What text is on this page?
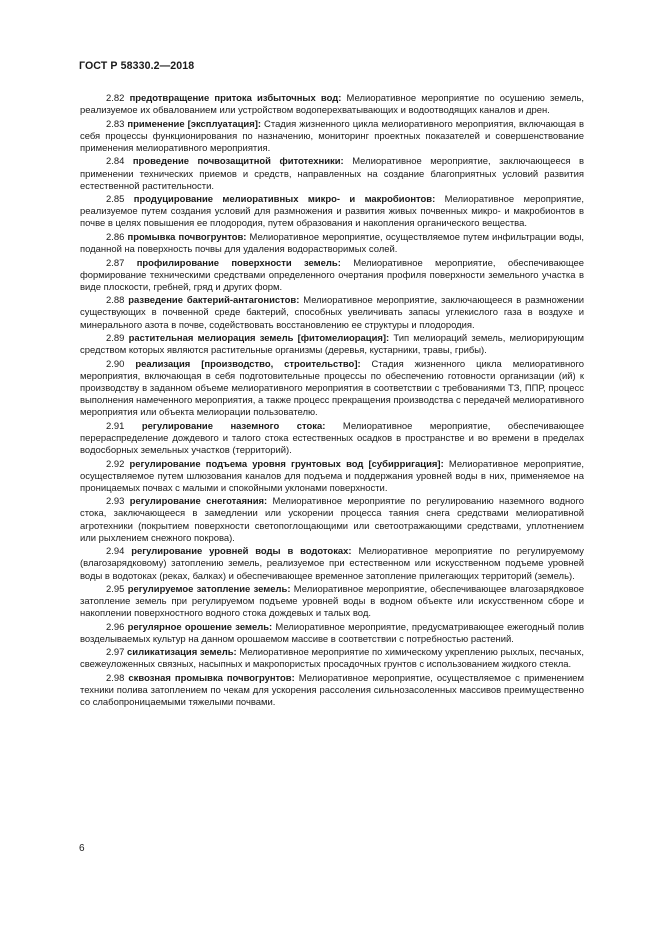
ГОСТ Р 58330.2—2018

2.82 предотвращение притока избыточных вод: Мелиоративное мероприятие по осушению земель, реализуемое их обвалованием или устройством водоперехватывающих и водоотводящих каналов и дрен.

2.83 применение [эксплуатация]: Стадия жизненного цикла мелиоративного мероприятия, включающая в себя процессы функционирования по назначению, мониторинг проектных показателей и совершенствование применения мелиоративного мероприятия.

2.84 проведение почвозащитной фитотехники: Мелиоративное мероприятие, заключающееся в применении технических приемов и средств, направленных на создание благоприятных условий развития естественной растительности.

2.85 продуцирование мелиоративных микро- и макробионтов: Мелиоративное мероприятие, реализуемое путем создания условий для размножения и развития живых почвенных микро- и макробионтов в почве в целях повышения ее плодородия, путем образования и накопления органического вещества.

2.86 промывка почвогрунтов: Мелиоративное мероприятие, осуществляемое путем инфильтрации воды, поданной на поверхность почвы для удаления водорастворимых солей.

2.87 профилирование поверхности земель: Мелиоративное мероприятие, обеспечивающее формирование техническими средствами определенного очертания профиля поверхности земельного участка в виде плоскости, гребней, гряд и других форм.

2.88 разведение бактерий-антагонистов: Мелиоративное мероприятие, заключающееся в размножении существующих в почвенной среде бактерий, способных увеличивать запасы углекислого газа в воздухе и минерального азота в почве, содействовать восстановлению ее структуры и плодородия.

2.89 растительная мелиорация земель [фитомелиорация]: Тип мелиораций земель, мелиорирующим средством которых являются растительные организмы (деревья, кустарники, травы, грибы).

2.90 реализация [производство, строительство]: Стадия жизненного цикла мелиоративного мероприятия, включающая в себя подготовительные процессы по обеспечению готовности организации (ий) к производству в заданном объеме мелиоративного мероприятия в соответствии с требованиями ТЗ, ППР, процесс выполнения намеченного мероприятия, а также процесс прекращения производства с передачей мелиоративного мероприятия или объекта мелиорации пользователю.

2.91 регулирование наземного стока: Мелиоративное мероприятие, обеспечивающее перераспределение дождевого и талого стока естественных осадков в пространстве и во времени в пределах водосборных земельных участков (территорий).

2.92 регулирование подъема уровня грунтовых вод [субирригация]: Мелиоративное мероприятие, осуществляемое путем шлюзования каналов для подъема и поддержания уровней воды в них, применяемое на проницаемых почвах с малыми и спокойными уклонами поверхности.

2.93 регулирование снеготаяния: Мелиоративное мероприятие по регулированию наземного водного стока, заключающееся в замедлении или ускорении процесса таяния снега средствами мелиоративной агротехники (покрытием поверхности светопоглощающими или светоотражающими средствами, уплотнением или рыхлением снежного покрова).

2.94 регулирование уровней воды в водотоках: Мелиоративное мероприятие по регулируемому (влагозарядковому) затоплению земель, реализуемое при естественном или искусственном подъеме уровней воды в водотоках (реках, балках) и обеспечивающее временное затопление прилегающих территорий (земель).

2.95 регулируемое затопление земель: Мелиоративное мероприятие, обеспечивающее влагозарядковое затопление земель при регулируемом подъеме уровней воды в водном объекте или искусственном сборе и накоплении поверхностного водного стока дождевых и талых вод.

2.96 регулярное орошение земель: Мелиоративное мероприятие, предусматривающее ежегодный полив возделываемых культур на данном орошаемом массиве в соответствии с потребностью растений.

2.97 силикатизация земель: Мелиоративное мероприятие по химическому укреплению рыхлых, песчаных, свежеуложенных связных, насыпных и макропористых просадочных грунтов с использованием жидкого стекла.

2.98 сквозная промывка почвогрунтов: Мелиоративное мероприятие, осуществляемое с применением техники полива затоплением по чекам для ускорения рассоления сильнозасоленных массивов преимущественно со слабопроницаемыми тяжелыми почвами.

6
